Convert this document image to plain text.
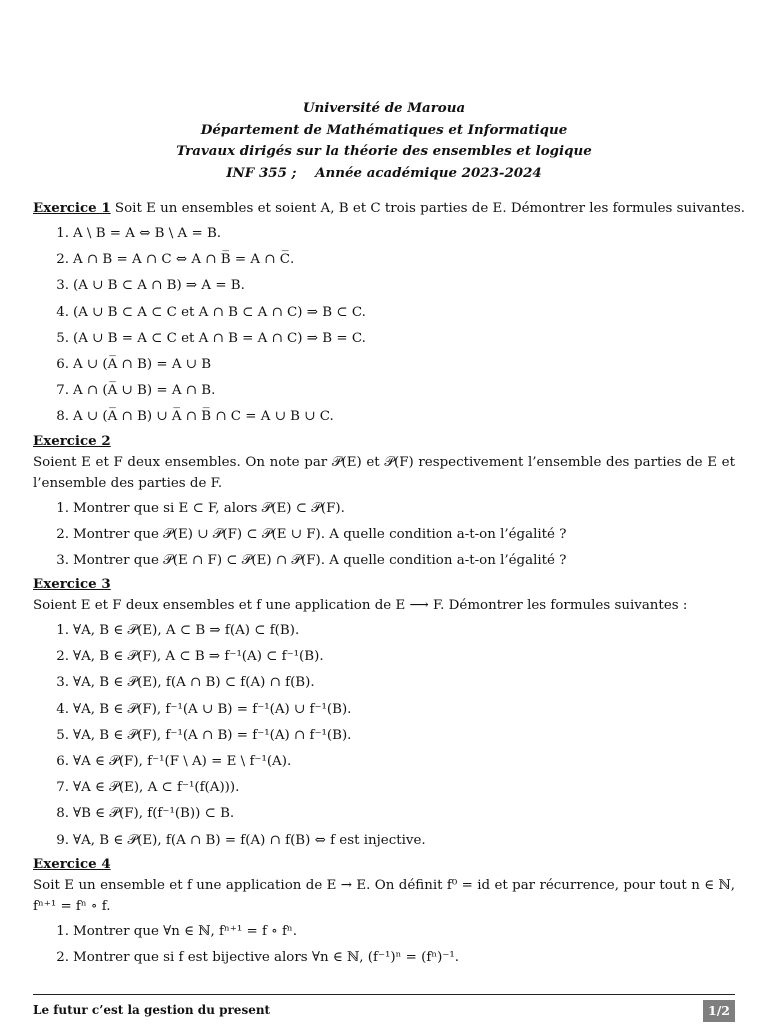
Université de Maroua
Département de Mathématiques et Informatique
Travaux dirigés sur la théorie des ensembles et logique
INF 355 ;    Année académique 2023-2024
Exercice 1 Soit E un ensembles et soient A, B et C trois parties de E. Démontrer les formules suivantes.
1. A \ B = A ⇔ B \ A = B.
2. A ∩ B = A ∩ C ⇔ A ∩ B̅ = A ∩ C̅.
3. (A ∪ B ⊂ A ∩ B) ⇒ A = B.
4. (A ∪ B ⊂ A ⊂ C et A ∩ B ⊂ A ∩ C) ⇒ B ⊂ C.
5. (A ∪ B = A ⊂ C et A ∩ B = A ∩ C) ⇒ B = C.
6. A ∪ (A̅ ∩ B) = A ∪ B
7. A ∩ (A̅ ∪ B) = A ∩ B.
8. A ∪ (A̅ ∩ B) ∪ A̅ ∩ B̅ ∩ C = A ∪ B ∪ C.
Exercice 2
Soient E et F deux ensembles. On note par 𝒫(E) et 𝒫(F) respectivement l’ensemble des parties de E et l’ensemble des parties de F.
1. Montrer que si E ⊂ F, alors 𝒫(E) ⊂ 𝒫(F).
2. Montrer que 𝒫(E) ∪ 𝒫(F) ⊂ 𝒫(E ∪ F). A quelle condition a-t-on l’égalité ?
3. Montrer que 𝒫(E ∩ F) ⊂ 𝒫(E) ∩ 𝒫(F). A quelle condition a-t-on l’égalité ?
Exercice 3
Soient E et F deux ensembles et f une application de E ⟶ F. Démontrer les formules suivantes :
1. ∀A, B ∈ 𝒫(E), A ⊂ B ⇒ f(A) ⊂ f(B).
2. ∀A, B ∈ 𝒫(F), A ⊂ B ⇒ f⁻¹(A) ⊂ f⁻¹(B).
3. ∀A, B ∈ 𝒫(E), f(A ∩ B) ⊂ f(A) ∩ f(B).
4. ∀A, B ∈ 𝒫(F), f⁻¹(A ∪ B) = f⁻¹(A) ∪ f⁻¹(B).
5. ∀A, B ∈ 𝒫(F), f⁻¹(A ∩ B) = f⁻¹(A) ∩ f⁻¹(B).
6. ∀A ∈ 𝒫(F), f⁻¹(F \ A) = E \ f⁻¹(A).
7. ∀A ∈ 𝒫(E), A ⊂ f⁻¹(f(A))).
8. ∀B ∈ 𝒫(F), f(f⁻¹(B)) ⊂ B.
9. ∀A, B ∈ 𝒫(E), f(A ∩ B) = f(A) ∩ f(B) ⇔ f est injective.
Exercice 4
Soit E un ensemble et f une application de E → E. On définit f⁰ = id et par récurrence, pour tout n ∈ ℕ, fⁿ⁺¹ = fⁿ ∘ f.
1. Montrer que ∀n ∈ ℕ, fⁿ⁺¹ = f ∘ fⁿ.
2. Montrer que si f est bijective alors ∀n ∈ ℕ, (f⁻¹)ⁿ = (fⁿ)⁻¹.
Le futur c’est la gestion du present	1/2
